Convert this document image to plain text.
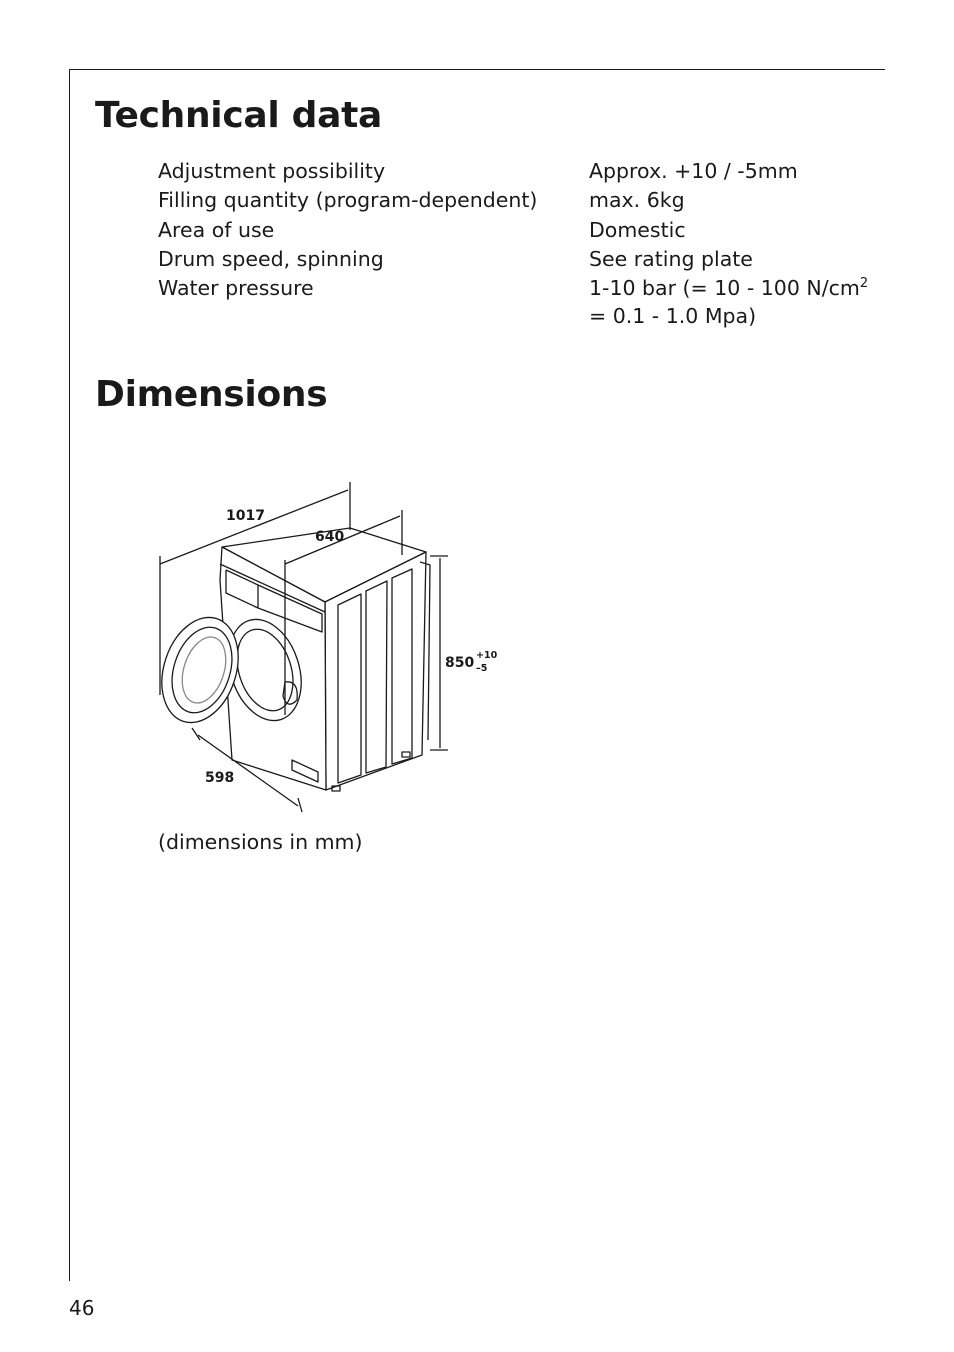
Technical data
Adjustment possibility	Approx. +10 / -5mm
Filling quantity (program-dependent)	max. 6kg
Area of use	Domestic
Drum speed, spinning	See rating plate
Water pressure	1-10 bar (= 10 - 100 $N/cm^2$
= 0.1 - 1.0 Mpa)
Dimensions
1017
640
850 +10
–5
598
(dimensions in mm)
46
